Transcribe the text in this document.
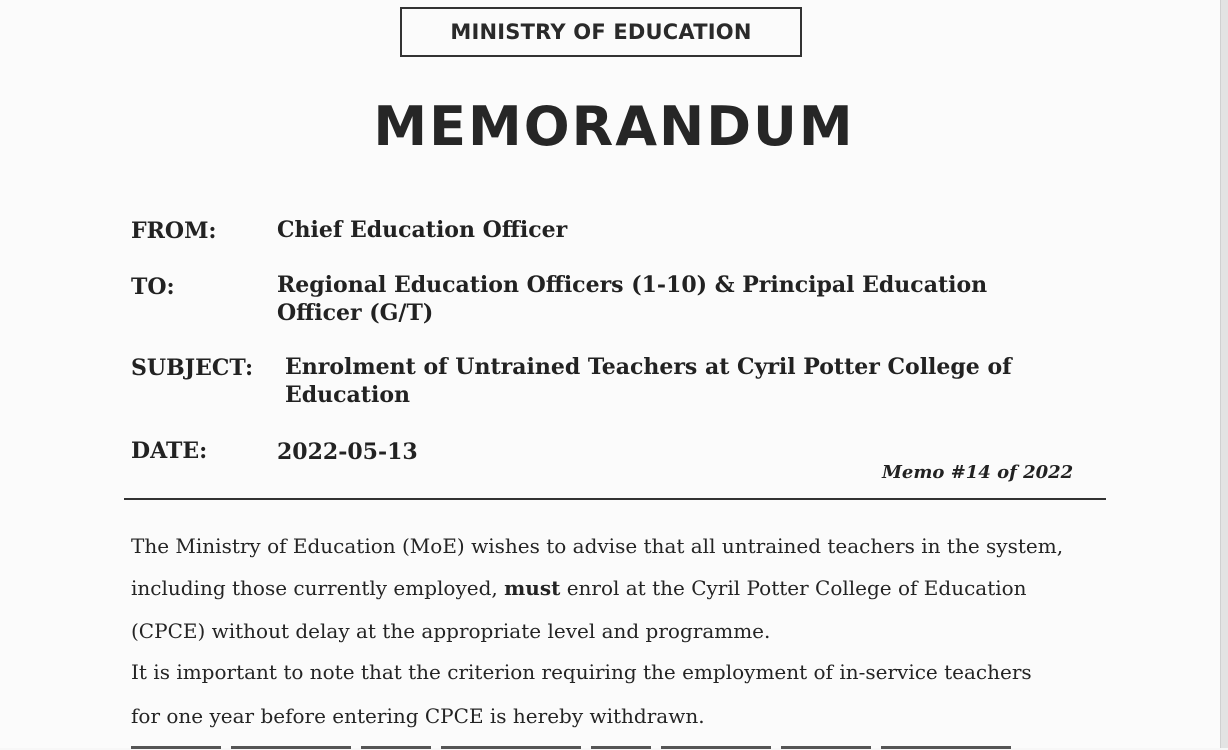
MINISTRY OF EDUCATION
MEMORANDUM
FROM:	Chief Education Officer
TO:	Regional Education Officers (1-10) & Principal Education
Officer (G/T)
SUBJECT: Enrolment of Untrained Teachers at Cyril Potter College of
Education
DATE:	2022-05-13
Memo #14 of 2022
The Ministry of Education (MoE) wishes to advise that all untrained teachers in the system,
including those currently employed, must enrol at the Cyril Potter College of Education
(CPCE) without delay at the appropriate level and programme.
It is important to note that the criterion requiring the employment of in-service teachers
for one year before entering CPCE is hereby withdrawn.
